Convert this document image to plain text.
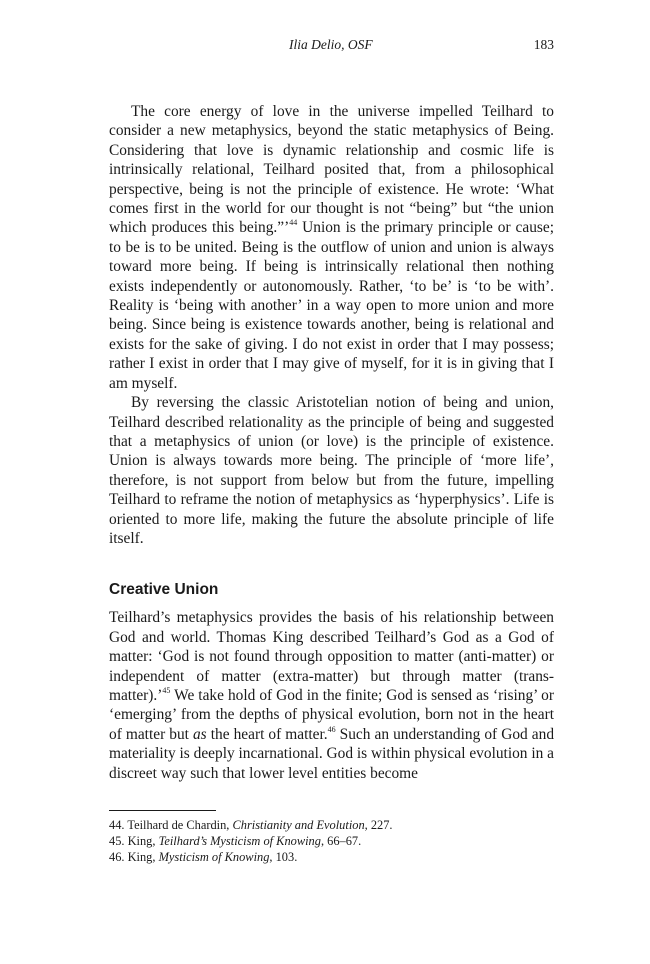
Ilia Delio, OSF	183

The core energy of love in the universe impelled Teilhard to consider a new metaphysics, beyond the static metaphysics of Being. Considering that love is dynamic relationship and cosmic life is intrinsically relational, Teilhard posited that, from a philosophical perspective, being is not the principle of existence. He wrote: ‘What comes first in the world for our thought is not “being” but “the union which produces this being.”’$^{44}$ Union is the primary principle or cause; to be is to be united. Being is the outflow of union and union is always toward more being. If being is intrinsically relational then nothing exists independently or autonomously. Rather, ‘to be’ is ‘to be with’. Reality is ‘being with another’ in a way open to more union and more being. Since being is existence towards another, being is relational and exists for the sake of giving. I do not exist in order that I may possess; rather I exist in order that I may give of myself, for it is in giving that I am myself.

By reversing the classic Aristotelian notion of being and union, Teilhard described relationality as the principle of being and suggested that a metaphysics of union (or love) is the principle of existence. Union is always towards more being. The principle of ‘more life’, therefore, is not support from below but from the future, impelling Teilhard to reframe the notion of metaphysics as ‘hyperphysics’. Life is oriented to more life, making the future the absolute principle of life itself.

Creative Union

Teilhard’s metaphysics provides the basis of his relationship between God and world. Thomas King described Teilhard’s God as a God of matter: ‘God is not found through opposition to matter (anti-matter) or independent of matter (extra-matter) but through matter (trans-matter).’$^{45}$ We take hold of God in the finite; God is sensed as ‘rising’ or ‘emerging’ from the depths of physical evolution, born not in the heart of matter but as the heart of matter.$^{46}$ Such an understanding of God and materiality is deeply incarnational. God is within physical evolution in a discreet way such that lower level entities become

44. Teilhard de Chardin, Christianity and Evolution, 227.
45. King, Teilhard’s Mysticism of Knowing, 66–67.
46. King, Mysticism of Knowing, 103.
